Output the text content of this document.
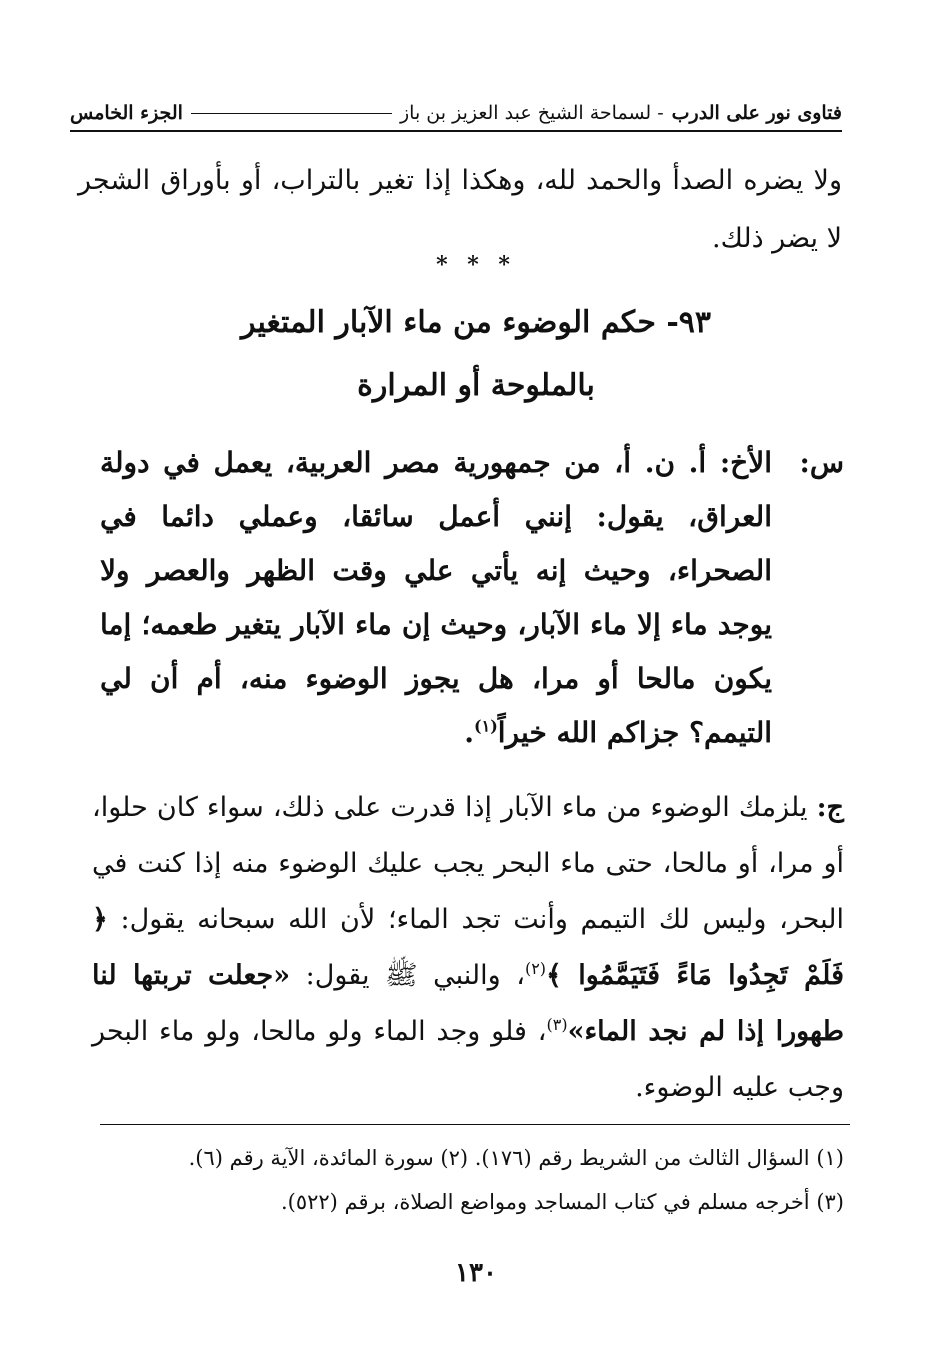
فتاوى نور على الدرب
- لسماحة الشيخ عبد العزيز بن باز
الجزء الخامس
ولا يضره الصدأ والحمد لله، وهكذا إذا تغير بالتراب، أو بأوراق الشجر لا يضر ذلك.
* * *
٩٣- حكم الوضوء من ماء الآبار المتغير
بالملوحة أو المرارة
س:
الأخ: أ. ن. أ، من جمهورية مصر العربية، يعمل في دولة العراق، يقول: إنني أعمل سائقا، وعملي دائما في الصحراء، وحيث إنه يأتي علي وقت الظهر والعصر ولا يوجد ماء إلا ماء الآبار، وحيث إن ماء الآبار يتغير طعمه؛ إما يكون مالحا أو مرا، هل يجوز الوضوء منه، أم أن لي التيمم؟ جزاكم الله خيراً$^{(١)}$.
ج: يلزمك الوضوء من ماء الآبار إذا قدرت على ذلك، سواء كان حلوا، أو مرا، أو مالحا، حتى ماء البحر يجب عليك الوضوء منه إذا كنت في البحر، وليس لك التيمم وأنت تجد الماء؛ لأن الله سبحانه يقول: ﴿ فَلَمْ تَجِدُوا مَاءً فَتَيَمَّمُوا ﴾$^{(٢)}$، والنبي ﷺ يقول: «جعلت تربتها لنا طهورا إذا لم نجد الماء»$^{(٣)}$، فلو وجد الماء ولو مالحا، ولو ماء البحر وجب عليه الوضوء.
(١) السؤال الثالث من الشريط رقم (١٧٦). (٢) سورة المائدة، الآية رقم (٦).
(٣) أخرجه مسلم في كتاب المساجد ومواضع الصلاة، برقم (٥٢٢).
١٣٠
